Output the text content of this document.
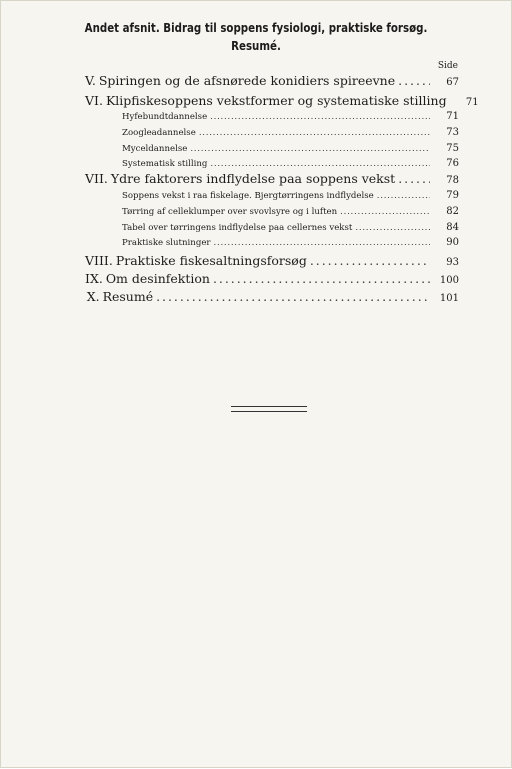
Andet afsnit. Bidrag til soppens fysiologi, praktiske forsøg.
Resumé.
Side
V. Spiringen og de afsnørede konidiers spireevne . . .	67
VI. Klipfiskesoppens vekstformer og systematiske stilling	71
Hyfebundtdannelse . . .	71
Zoogleadannelse . . .	73
Myceldannelse . . .	75
Systematisk stilling . . .	76
VII. Ydre faktorers indflydelse paa soppens vekst . . .	78
Soppens vekst i raa fiskelage. Bjergtørringens indflydelse . . .	79
Tørring af celleklumper over svovlsyre og i luften . . .	82
Tabel over tørringens indflydelse paa cellernes vekst . . .	84
Praktiske slutninger . . .	90
VIII. Praktiske fiskesaltningsforsøg . . .	93
IX. Om desinfektion . . .	100
X. Resumé . . .	101
